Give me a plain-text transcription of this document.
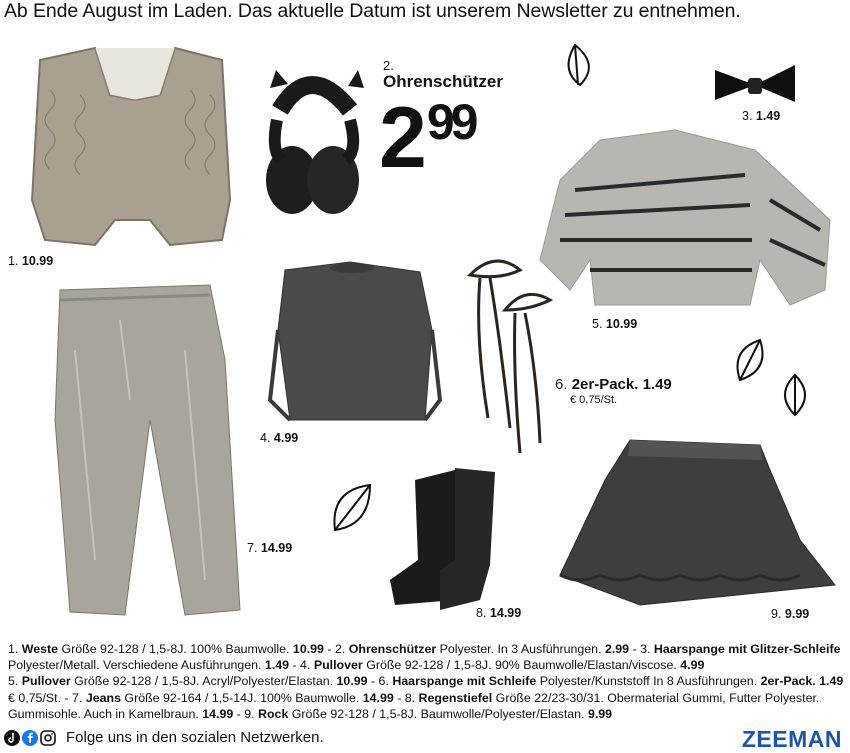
Ab Ende August im Laden. Das aktuelle Datum ist unserem Newsletter zu entnehmen.
1. 10.99
2.
Ohrenschützer
2 99	3. 1.49
4. 4.99
5. 10.99
6. 2er-Pack. 1.49
€ 0,75/St.
7. 14.99
8. 14.99	9. 9.99
1. Weste Größe 92-128 / 1,5-8J. 100% Baumwolle. 10.99 - 2. Ohrenschützer Polyester. In 3 Ausführungen. 2.99 - 3. Haarspange mit Glitzer-Schleife
Polyester/Metall. Verschiedene Ausführungen. 1.49 - 4. Pullover Größe 92-128 / 1,5-8J. 90% Baumwolle/Elastan/viscose. 4.99
5. Pullover Größe 92-128 / 1,5-8J. Acryl/Polyester/Elastan. 10.99 - 6. Haarspange mit Schleife Polyester/Kunststoff In 8 Ausführungen. 2er-Pack. 1.49
€ 0,75/St. - 7. Jeans Größe 92-164 / 1,5-14J. 100% Baumwolle. 14.99 - 8. Regenstiefel Größe 22/23-30/31. Obermaterial Gummi, Futter Polyester.
Gummisohle. Auch in Kamelbraun. 14.99 - 9. Rock Größe 92-128 / 1,5-8J. Baumwolle/Polyester/Elastan. 9.99
Folge uns in den sozialen Netzwerken.	ZEEMAN
